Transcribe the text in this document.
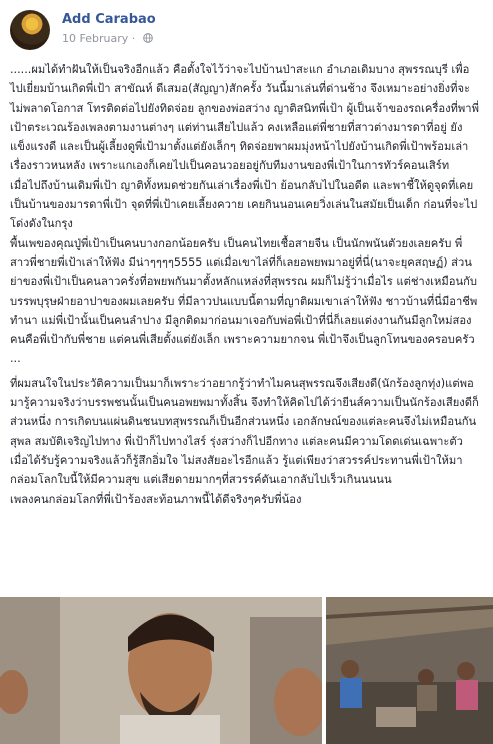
Add Carabao
10 February ·

......ผมได้ทำฝันให้เป็นจริงอีกแล้ว คือตั้งใจไว้ว่าจะไปบ้านป่าสะแก อำเภอเดิมบาง สุพรรณบุรี เพื่อไปเยี่ยมบ้านเกิดพี่เป้า สาขัณห์ ดีเสมอ(สัญญา)สักครั้ง วันนี้มาเล่นที่ด่านช้าง จึงเหมาะอย่างยิ่งที่จะไม่พลาดโอกาส โทรติดต่อไปยังทิดจ่อย ลูกของพ่อสว่าง ญาติสนิทพี่เป้า ผู้เป็นเจ้าของรถเครื่องที่พาพี่เป้าตระเวณร้องเพลงตามงานต่างๆ แต่ท่านเสียไปแล้ว คงเหลือแต่พี่ชายที่สาวต่างมารดาที่อยู่ ยังแข็งแรงดี และเป็นผู้เลี้ยงดูพี่เป้ามาตั้งแต่ยังเล็กๆ ทิดจ่อยพาผมมุ่งหน้าไปยังบ้านเกิดพี่เป้าพร้อมเล่าเรื่องราวหนหลัง เพราะแกเองก็เคยไปเป็นคอนวอยอยู่กับทีมงานของพี่เป้าในการทัวร์คอนเสิร์ท

เมื่อไปถึงบ้านเดิมพี่เป้า ญาติทั้งหมดช่วยกันเล่าเรื่องพี่เป้า ย้อนกลับไปในอดีต และพาชี้ให้ดูจุดที่เคยเป็นบ้านของมารดาพี่เป้า จุดที่พี่เป้าเคยเลี้ยงควาย เคยกินนอนเคยวิ่งเล่นในสมัยเป็นเด็ก ก่อนที่จะไปโด่งดังในกรุง

พื้นเพของคุณปู่พี่เป้าเป็นคนบางกอกน้อยครับ เป็นคนไทยเชื้อสายจีน เป็นนักพนันตัวยงเลยครับ พี่สาวพี่ชายพี่เป้าเล่าให้ฟัง มีน่าๆๆๆๆ5555 แต่เมื่อเขาไล่ที่ก็เลยอพยพมาอยู่ที่นี่(นาจะยุคสฤษฏ์) ส่วนย่าของพี่เป้าเป็นคนลาวครั่งที่อพยพกันมาตั้งหลักแหล่งที่สุพรรณ ผมก็ไม่รู้ว่าเมื่อไร แต่ช่างเหมือนกับบรรพบุรุษฝ่ายอาปาของผมเลยครับ ที่มีลาวปนแบบนี้ตามที่ญาติผมเขาเล่าให้ฟัง ชาวบ้านที่นี่มีอาชีพทำนา แม่พี่เป้านั้นเป็นคนลำปาง มีลูกติดมาก่อนมาเจอกับพ่อพี่เป้าที่นี่ก็เลยแต่งงานกันมีลูกใหม่สองคนคือพี่เป้ากับพี่ชาย แต่คนพี่เสียตั้งแต่ยังเล็ก เพราะความยากจน พี่เป้าจึงเป็นลูกโทนของครอบครัว ...

ที่ผมสนใจในประวัติความเป็นมาก็เพราะว่าอยากรู้ว่าทำไมคนสุพรรณจึงเสียงดี(นักร้องลูกทุ่ง)แต่พอมารู้ความจริงว่าบรรพชนนั้นเป็นคนอพยพมาทั้งสิ้น จึงทำให้คิดไปได้ว่ายีนส์ความเป็นนักร้องเสียงดีก็ส่วนหนึ่ง การเกิดบนแผ่นดินชนบทสุพรรณก็เป็นอีกส่วนหนึ่ง เอกลักษณ์ของแต่ละคนจึงไม่เหมือนกันสุพล สมบัติเจริญไปทาง พี่เป้าก็ไปทางไสร์ รุ่งสว่างก็ไปอีกทาง แต่ละคนมีความโดดเด่นเฉพาะตัว

เมื่อได้รับรู้ความจริงแล้วก็รู้สึกอิ่มใจ ไม่สงสัยอะไรอีกแล้ว รู้แต่เพียงว่าสวรรค์ประทานพี่เป้าให้มากล่อมโลกใบนี้ให้มีความสุข แต่เสียดายมากๆที่สวรรค์ดันเอากลับไปเร็วเกินนนนน

เพลงคนกล่อมโลกที่พี่เป้าร้องสะท้อนภาพนี้ได้ดีจริงๆครับพี่น้อง
